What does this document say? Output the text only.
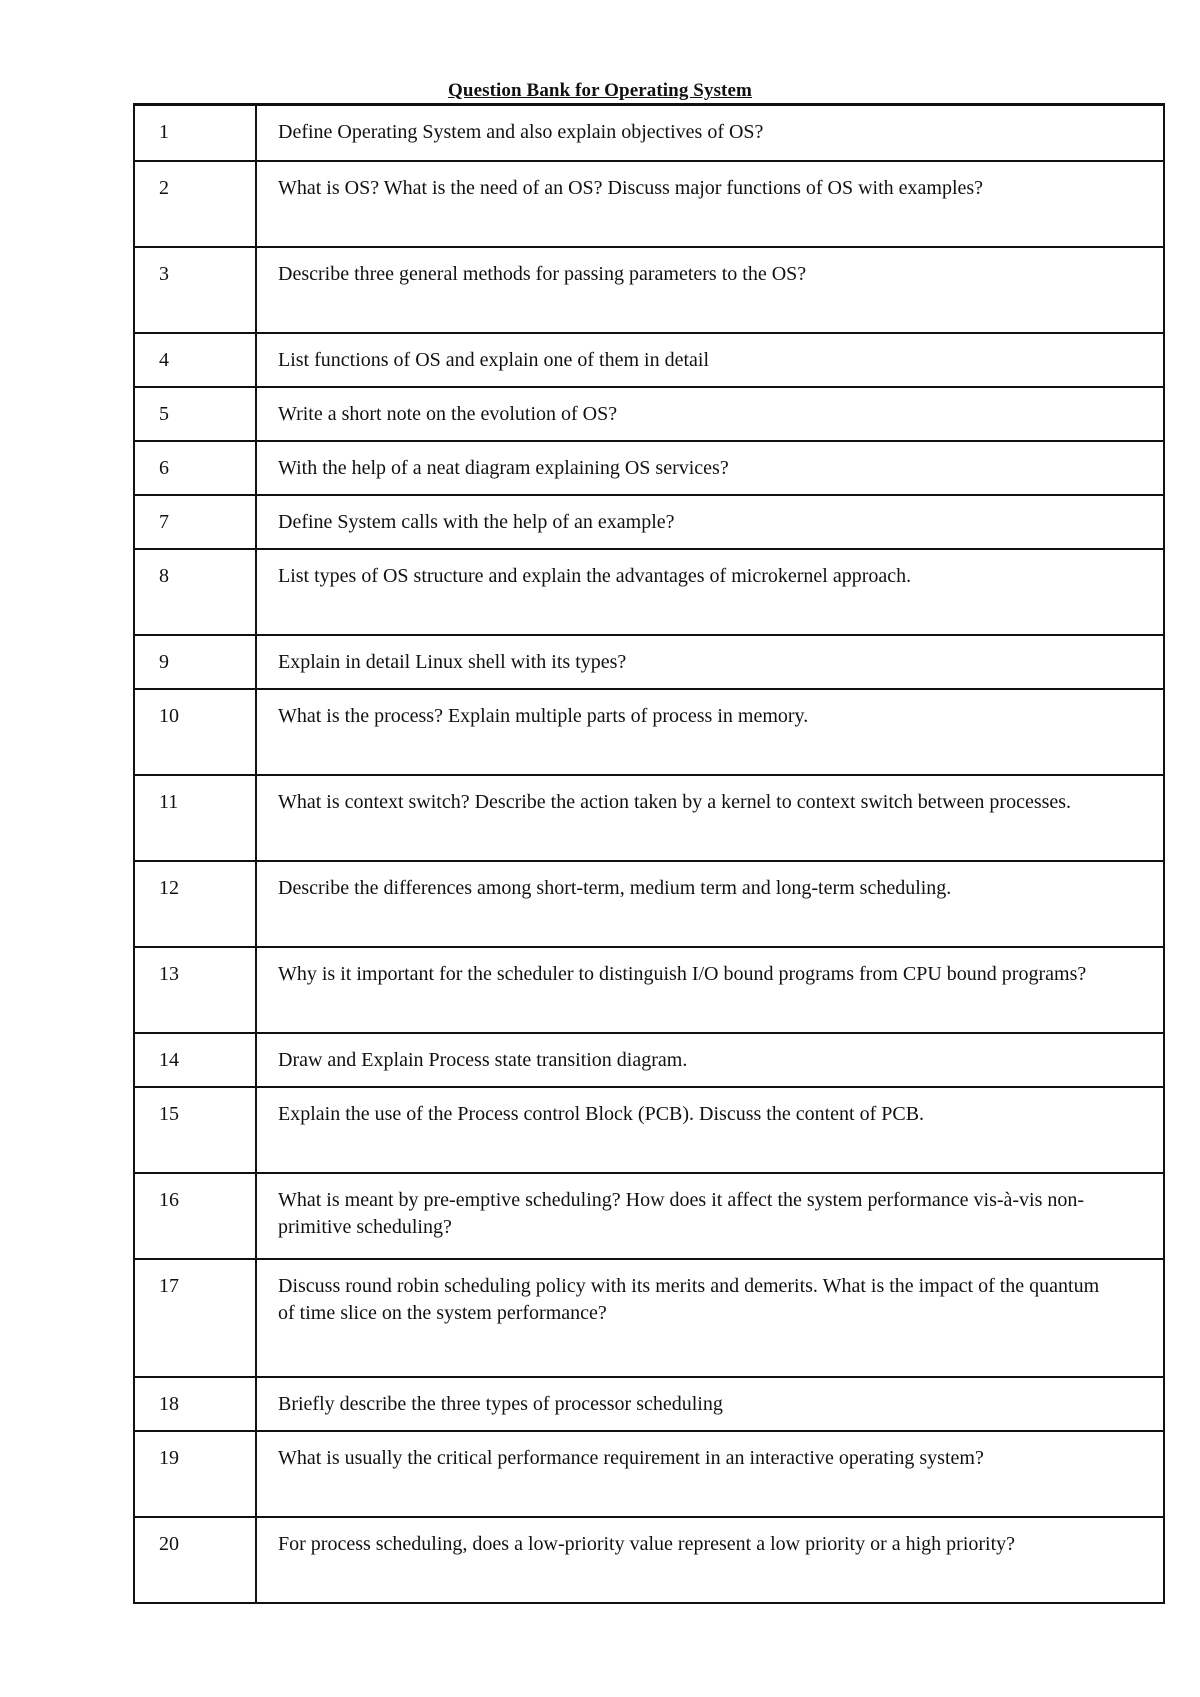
Question Bank for Operating System
1	Define Operating System and also explain objectives of OS?
2	What is OS? What is the need of an OS? Discuss major functions of OS with examples?
3	Describe three general methods for passing parameters to the OS?
4	List functions of OS and explain one of them in detail
5	Write a short note on the evolution of OS?
6	With the help of a neat diagram explaining OS services?
7	Define System calls with the help of an example?
8	List types of OS structure and explain the advantages of microkernel approach.
9	Explain in detail Linux shell with its types?
10	What is the process? Explain multiple parts of process in memory.
11	What is context switch? Describe the action taken by a kernel to context switch between processes.
12	Describe the differences among short-term, medium term and long-term scheduling.
13	Why is it important for the scheduler to distinguish I/O bound programs from CPU bound programs?
14	Draw and Explain Process state transition diagram.
15	Explain the use of the Process control Block (PCB). Discuss the content of PCB.
16	What is meant by pre-emptive scheduling? How does it affect the system performance vis-à-vis non-primitive scheduling?
17	Discuss round robin scheduling policy with its merits and demerits. What is the impact of the quantum of time slice on the system performance?
18	Briefly describe the three types of processor scheduling
19	What is usually the critical performance requirement in an interactive operating system?
20	For process scheduling, does a low-priority value represent a low priority or a high priority?
